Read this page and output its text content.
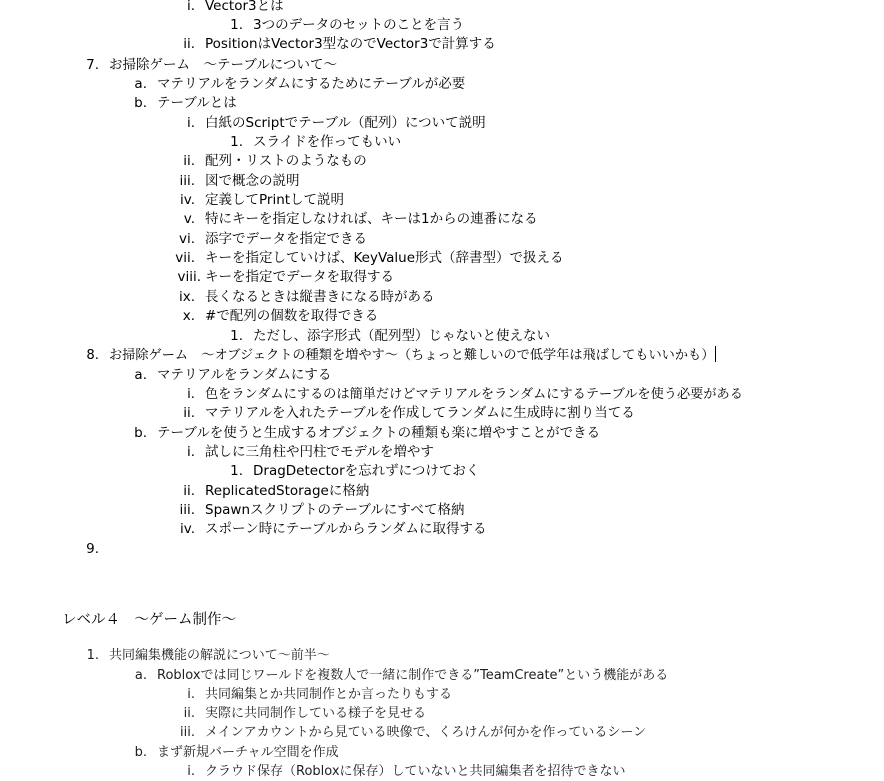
i. Vector3とは
1. 3つのデータのセットのことを言う
ii. PositionはVector3型なのでVector3で計算する
7. お掃除ゲーム　～テーブルについて～
a. マテリアルをランダムにするためにテーブルが必要
b. テーブルとは
i. 白紙のScriptでテーブル（配列）について説明
1. スライドを作ってもいい
ii. 配列・リストのようなもの
iii. 図で概念の説明
iv. 定義してPrintして説明
v. 特にキーを指定しなければ、キーは1からの連番になる
vi. 添字でデータを指定できる
vii. キーを指定していけば、KeyValue形式（辞書型）で扱える
viii. キーを指定でデータを取得する
ix. 長くなるときは縦書きになる時がある
x. #で配列の個数を取得できる
1. ただし、添字形式（配列型）じゃないと使えない
8. お掃除ゲーム　～オブジェクトの種類を増やす～（ちょっと難しいので低学年は飛ばしてもいいかも）
a. マテリアルをランダムにする
i. 色をランダムにするのは簡単だけどマテリアルをランダムにするテーブルを使う必要がある
ii. マテリアルを入れたテーブルを作成してランダムに生成時に割り当てる
b. テーブルを使うと生成するオブジェクトの種類も楽に増やすことができる
i. 試しに三角柱や円柱でモデルを増やす
1. DragDetectorを忘れずにつけておく
ii. ReplicatedStorageに格納
iii. Spawnスクリプトのテーブルにすべて格納
iv. スポーン時にテーブルからランダムに取得する
9.
レベル４　～ゲーム制作～
1. 共同編集機能の解説について～前半～
a. Robloxでは同じワールドを複数人で一緒に制作できる”TeamCreate”という機能がある
i. 共同編集とか共同制作とか言ったりもする
ii. 実際に共同制作している様子を見せる
iii. メインアカウントから見ている映像で、くろけんが何かを作っているシーン
b. まず新規バーチャル空間を作成
i. クラウド保存（Robloxに保存）していないと共同編集者を招待できない
